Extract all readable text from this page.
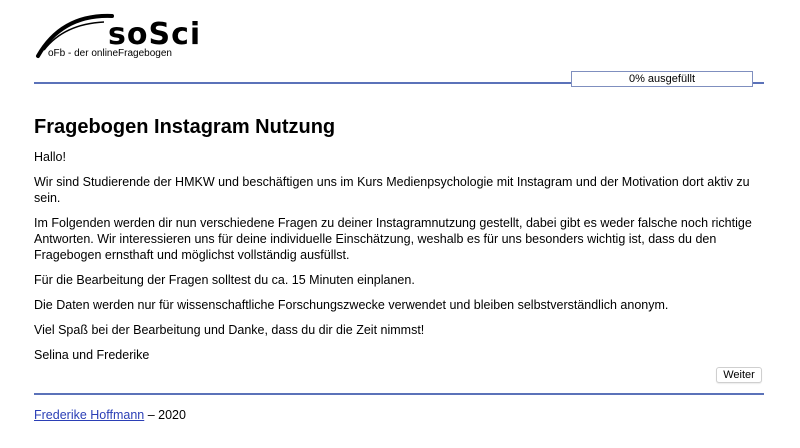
soSci
oFb - der onlineFragebogen
0% ausgefüllt
Fragebogen Instagram Nutzung

Hallo!

Wir sind Studierende der HMKW und beschäftigen uns im Kurs Medienpsychologie mit Instagram und der Motivation dort aktiv zu sein.

Im Folgenden werden dir nun verschiedene Fragen zu deiner Instagramnutzung gestellt, dabei gibt es weder falsche noch richtige Antworten. Wir interessieren uns für deine individuelle Einschätzung, weshalb es für uns besonders wichtig ist, dass du den Fragebogen ernsthaft und möglichst vollständig ausfüllst.

Für die Bearbeitung der Fragen solltest du ca. 15 Minuten einplanen.

Die Daten werden nur für wissenschaftliche Forschungszwecke verwendet und bleiben selbstverständlich anonym.

Viel Spaß bei der Bearbeitung und Danke, dass du dir die Zeit nimmst!

Selina und Frederike

Weiter
Frederike Hoffmann – 2020
